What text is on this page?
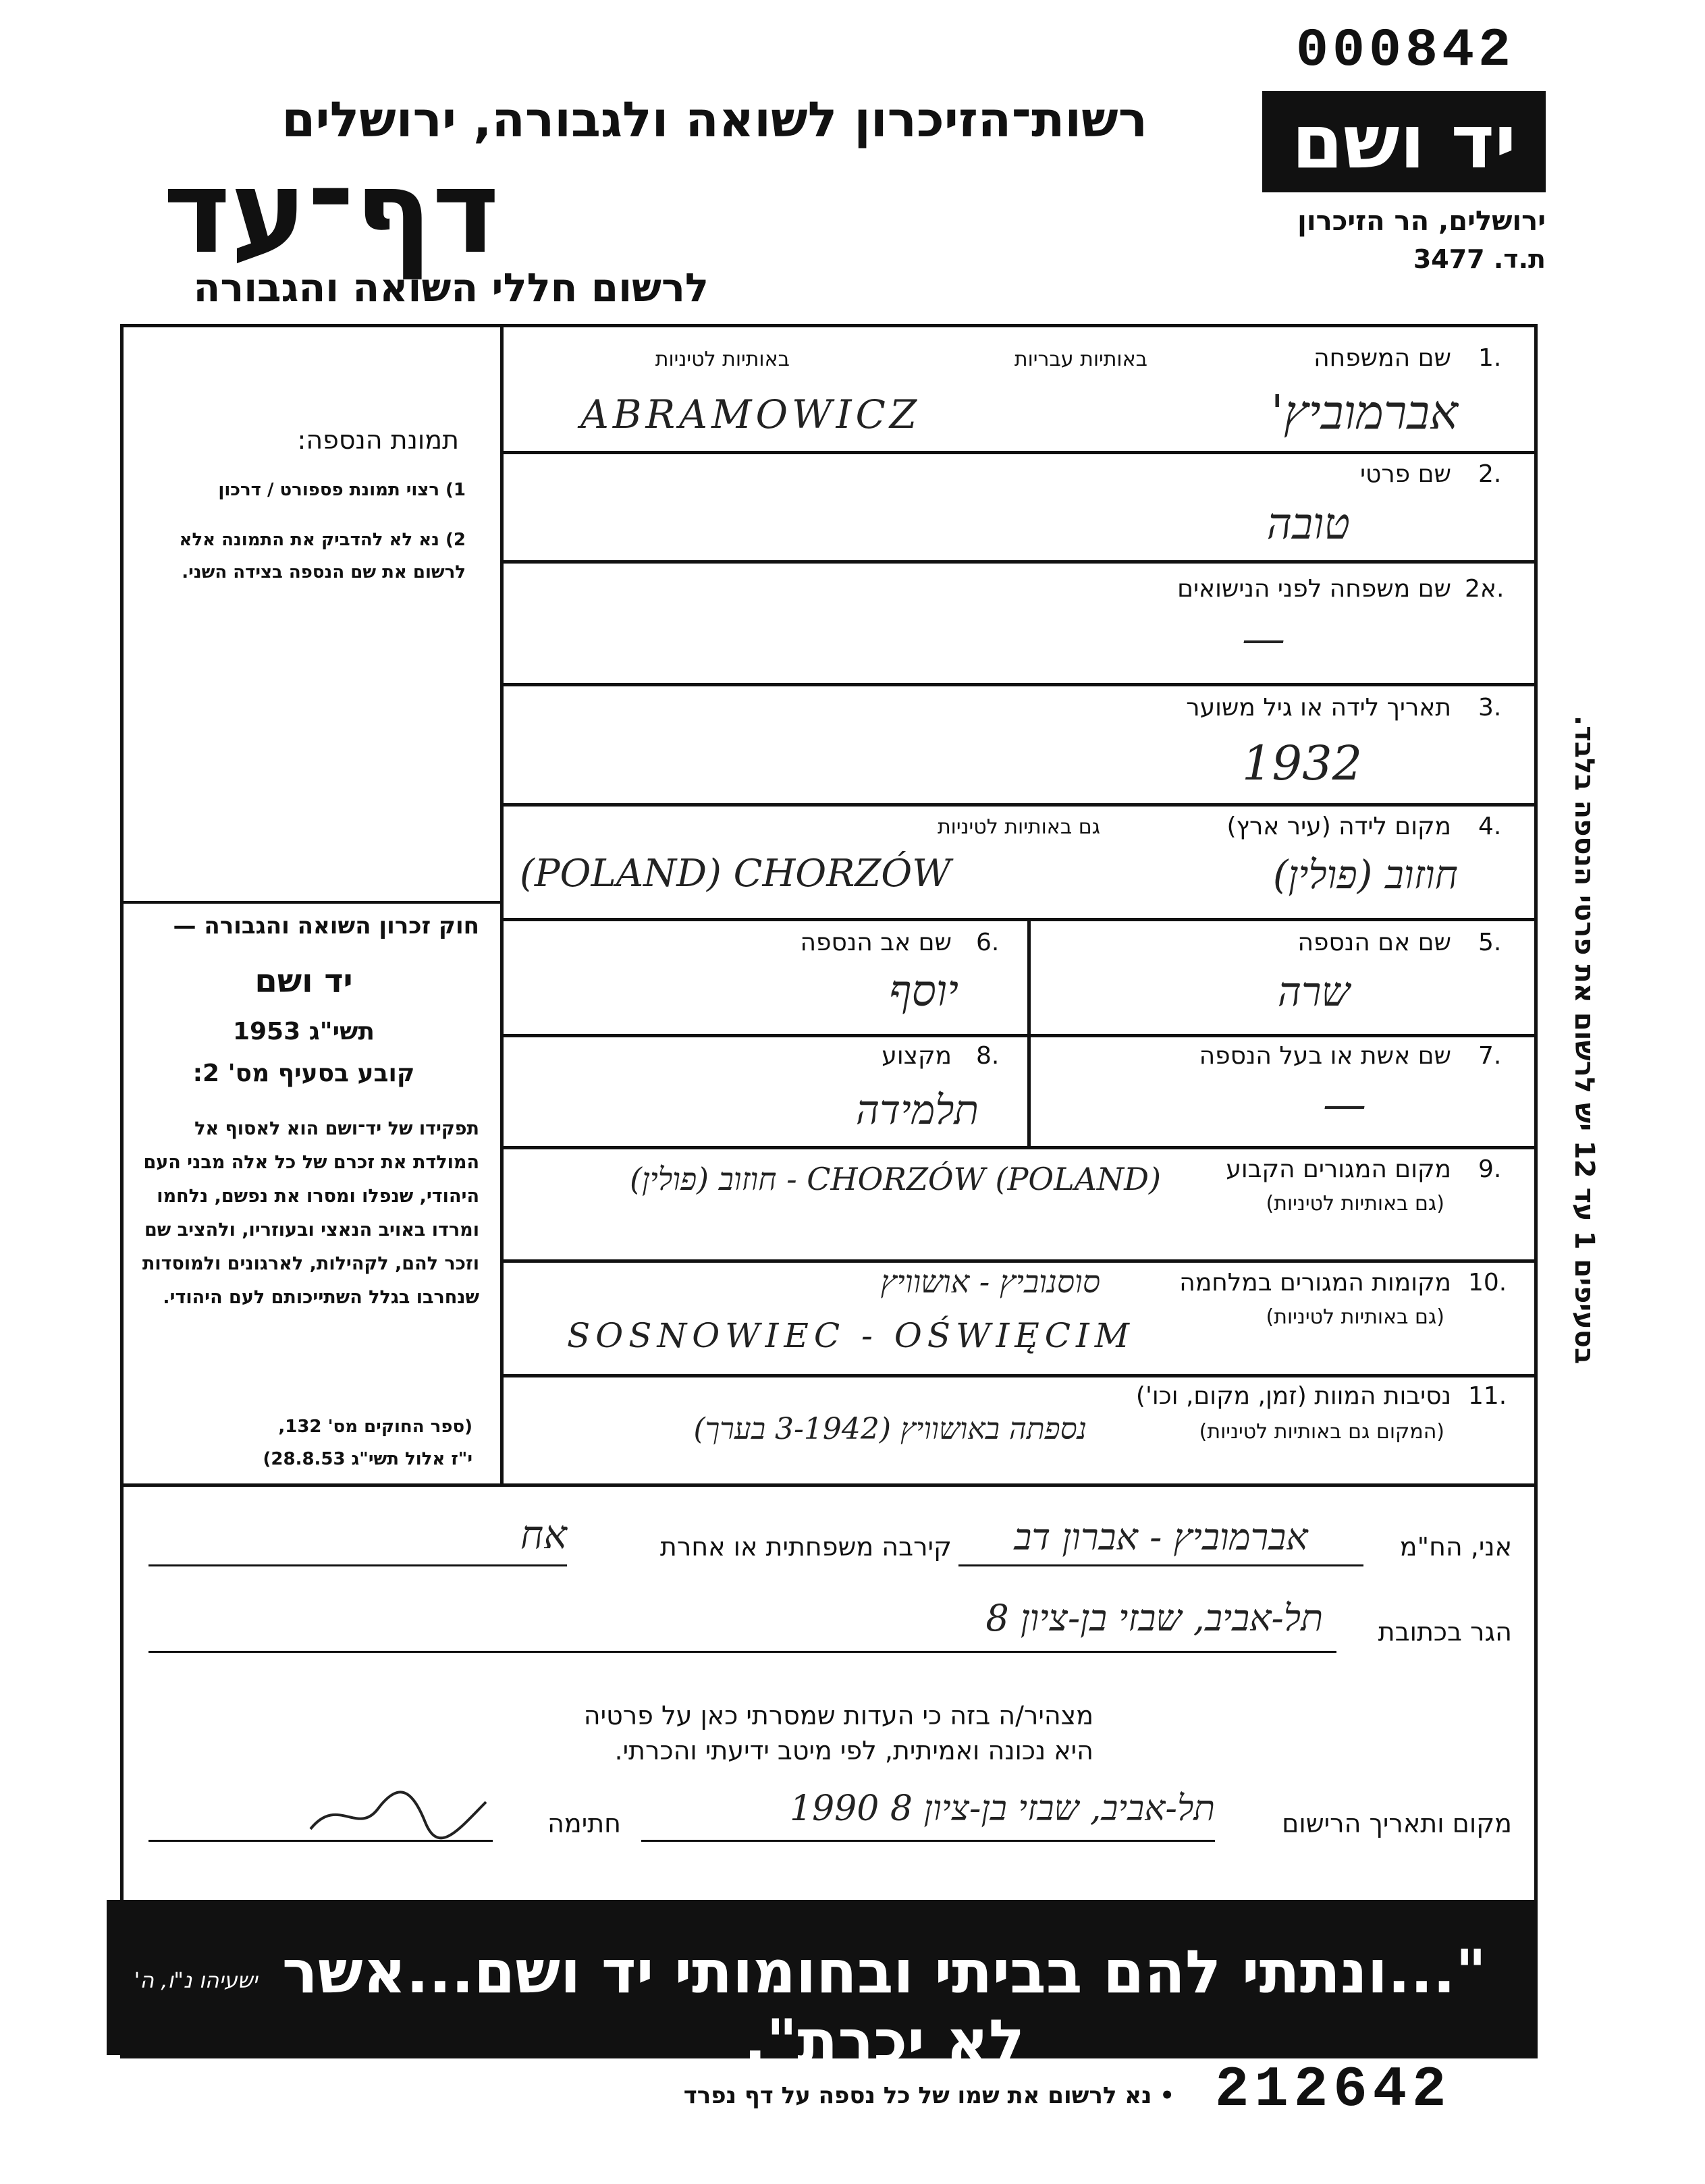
000842
יד ושם
ירושלים, הר הזיכרון
ת.ד. 3477
רשות־הזיכרון לשואה ולגבורה, ירושלים
דף־עד
לרשום חללי השואה והגבורה
תמונת הנספה:
1) רצוי תמונת פספורט / דרכון
2) נא לא להדביק את התמונה אלא לרשום את שם הנספה בצידה השני.
חוק זכרון השואה והגבורה —
יד ושם
תשי"ג 1953
קובע בסעיף מס' 2:
תפקידו של יד־ושם הוא לאסוף אל המולדת את זכרם של כל אלה מבני העם היהודי, שנפלו ומסרו את נפשם, נלחמו ומרדו באויב הנאצי ובעוזריו, ולהציב שם וזכר להם, לקהילות, לארגונים ולמוסדות שנחרבו בגלל השתייכותם לעם היהודי.
(ספר החוקים מס' 132,
י"ז אלול תשי"ג 28.8.53)
1.
שם המשפחה
באותיות עבריות
באותיות לטיניות
אברמוביץ'
ABRAMOWICZ
2.
שם פרטי
טובה
2א.
שם משפחה לפני הנישואים
—
3.
תאריך לידה או גיל משוער
1932
4.
מקום לידה (עיר ארץ)
גם באותיות לטיניות
חוזוב (פולין)
(POLAND) CHORZÓW
5.
שם אם הנספה
שרה
6.
שם אב הנספה
יוסף
7.
שם אשת או בעל הנספה
—
8.
מקצוע
תלמידה
9.
מקום המגורים הקבוע
(גם באותיות לטיניות)
(POLAND) CHORZÓW - חוזוב (פולין)
10.
מקומות המגורים במלחמה
(גם באותיות לטיניות)
סוסנוביץ - אושוויץ
SOSNOWIEC - OŚWIĘCIM
11.
נסיבות המוות (זמן, מקום, וכו')
(המקום גם באותיות לטיניות)
נספתה באושוויץ (3-1942 בערך)
אני, הח"מ
אברמוביץ - אברון דב
קירבה משפחתית או אחרת
אח
הגר בכתובת
תל-אביב, שבזי בן-ציון 8
מצהיר/ה בזה כי העדות שמסרתי כאן על פרטיה
היא נכונה ואמיתית, לפי מיטב ידיעתי והכרתי.
מקום ותאריך הרישום
תל-אביב, שבזי בן-ציון 8 1990
חתימה
"...ונתתי להם בביתי ובחומותי יד ושם...אשר לא יכרת".
ישעיהו נ"ו, ה'
בסעיפים 1 עד 12 יש לרשום את פרטי הנספה בלבד.
• נא לרשום את שמו של כל נספה על דף נפרד 212642
